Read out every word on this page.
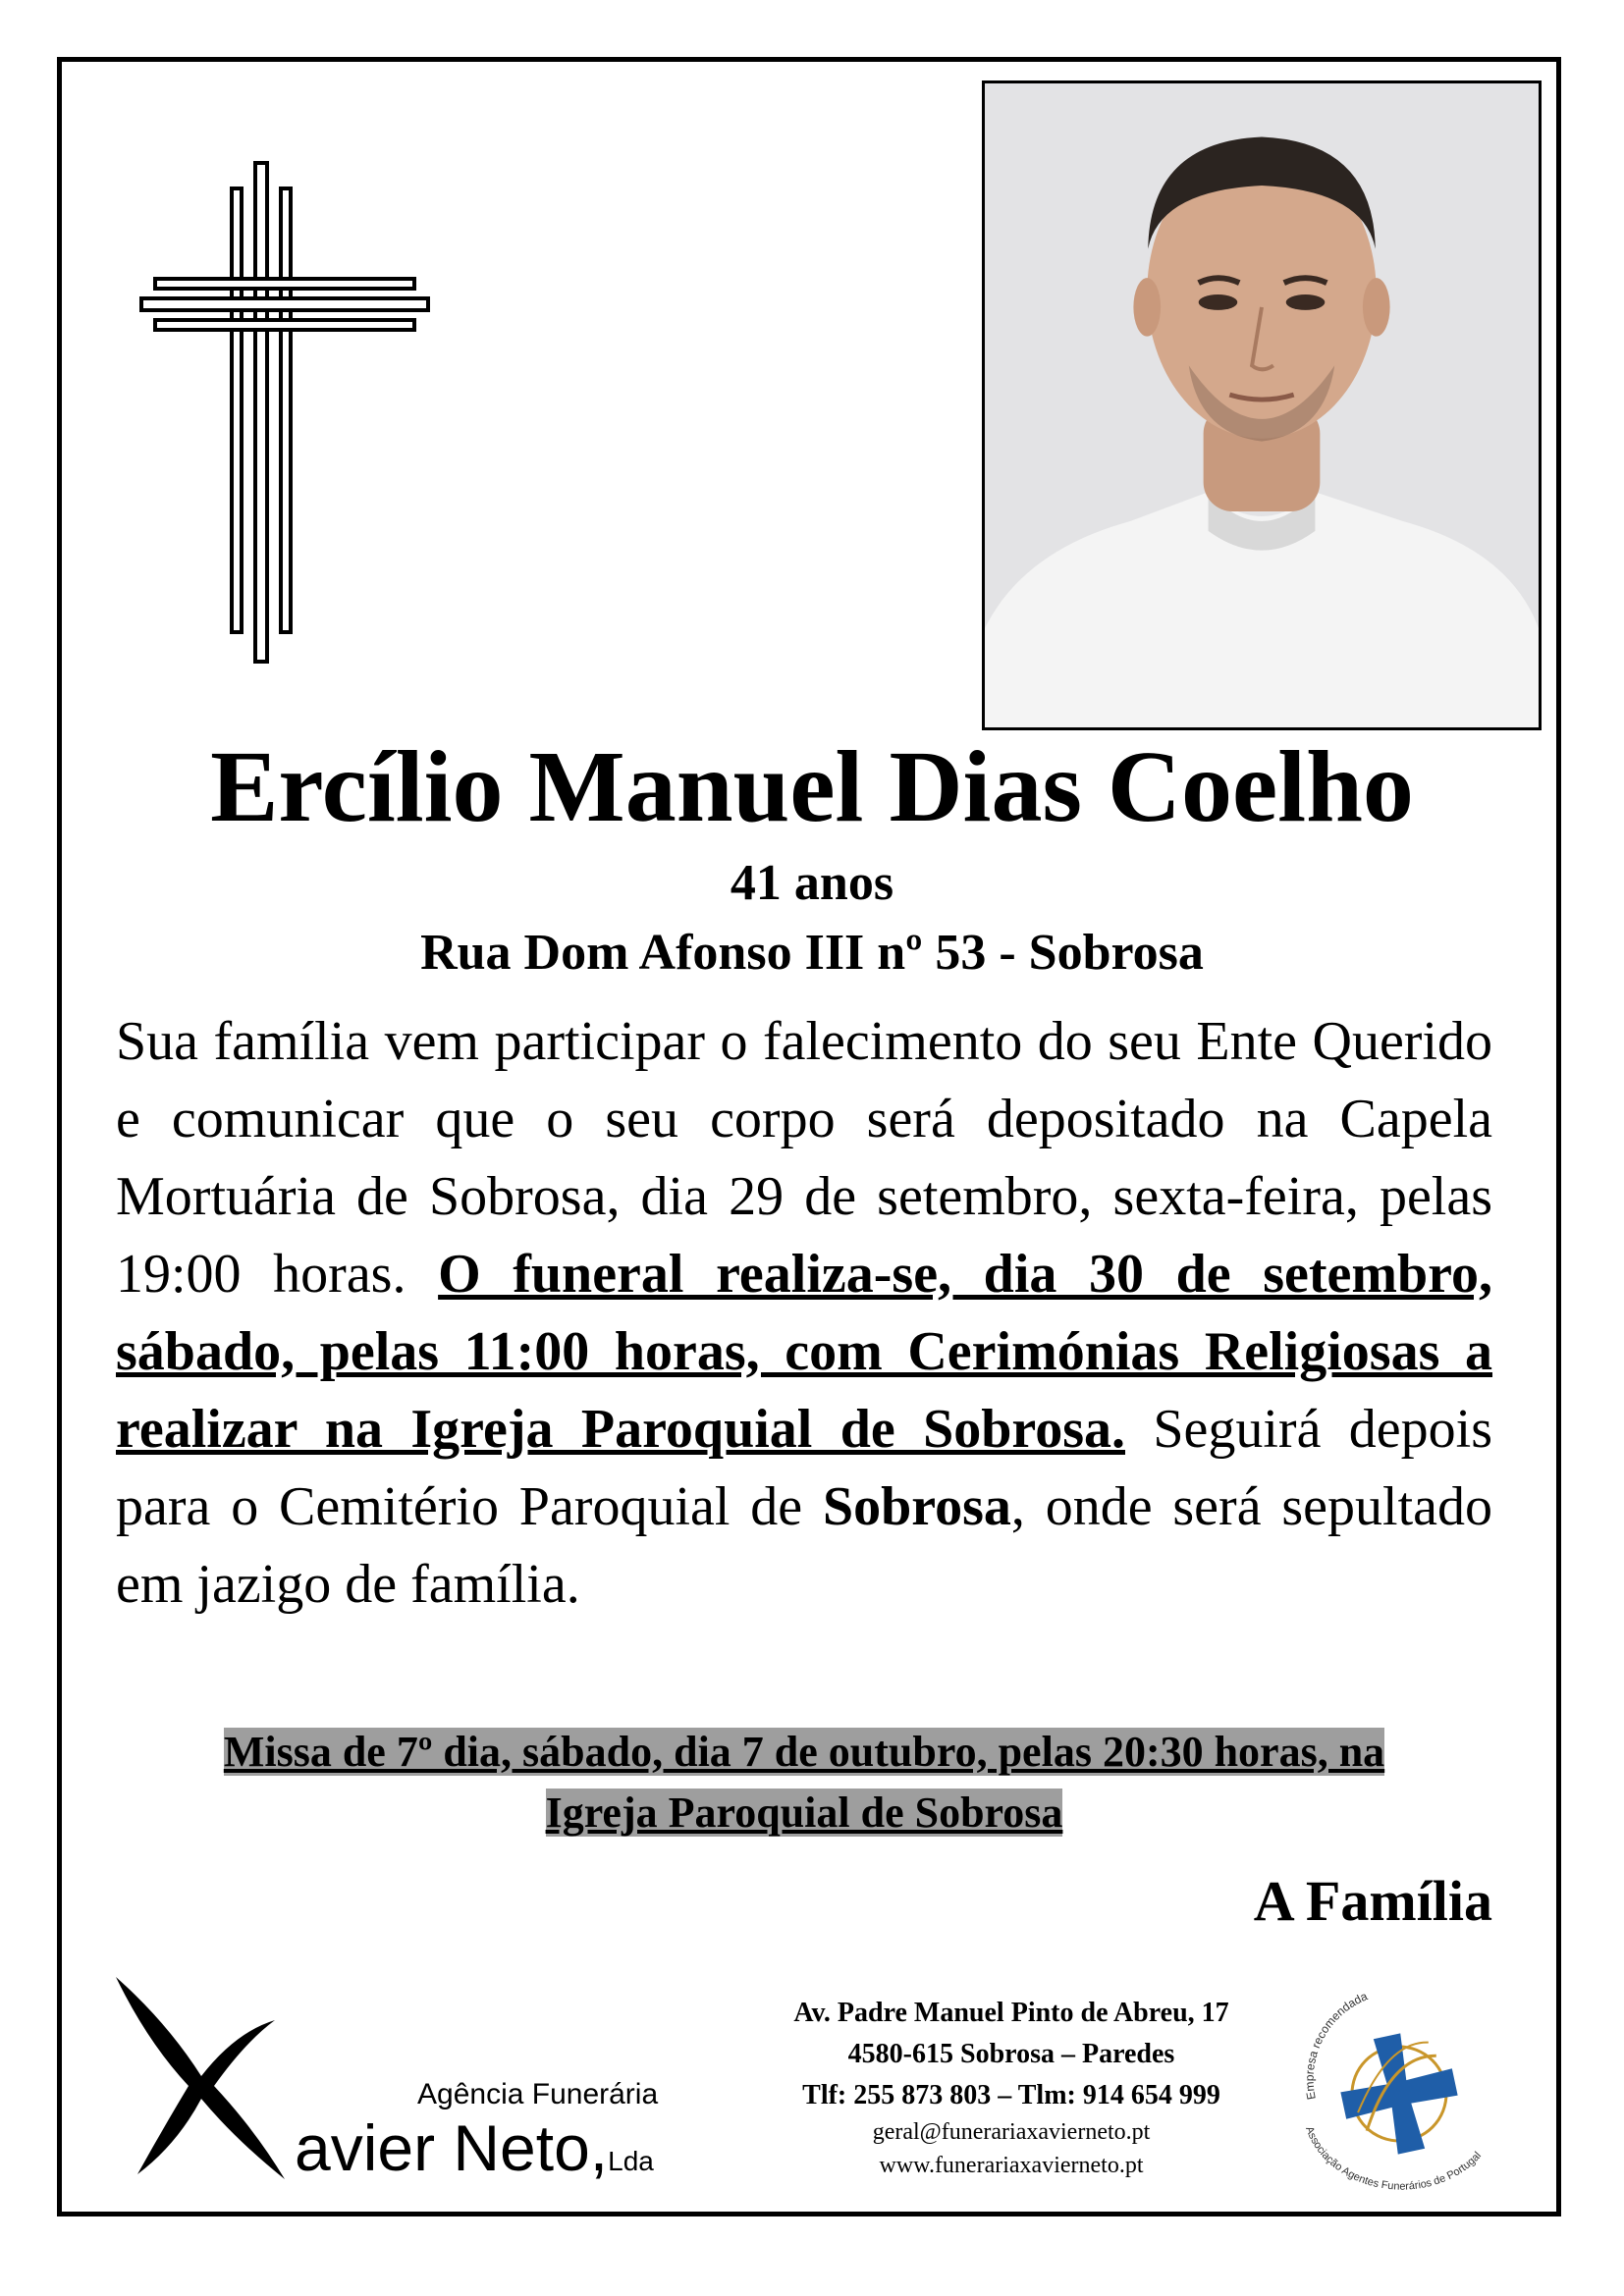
Ercílio Manuel Dias Coelho
41 anos
Rua Dom Afonso III nº 53 - Sobrosa
Sua família vem participar o falecimento do seu Ente Querido e comunicar que o seu corpo será depositado na Capela Mortuária de Sobrosa, dia 29 de setembro, sexta-feira, pelas 19:00 horas. O funeral realiza-se, dia 30 de setembro, sábado, pelas 11:00 horas, com Cerimónias Religiosas a realizar na Igreja Paroquial de Sobrosa. Seguirá depois para o Cemitério Paroquial de Sobrosa, onde será sepultado em jazigo de família.
Missa de 7º dia, sábado, dia 7 de outubro, pelas 20:30 horas, na
Igreja Paroquial de Sobrosa
A Família
Agência Funerária
avier Neto,Lda
Av. Padre Manuel Pinto de Abreu, 17
4580-615 Sobrosa – Paredes
Tlf: 255 873 803 – Tlm: 914 654 999
geral@funerariaxavierneto.pt
www.funerariaxavierneto.pt
Empresa recomendada
Associação Agentes Funerários de Portugal
